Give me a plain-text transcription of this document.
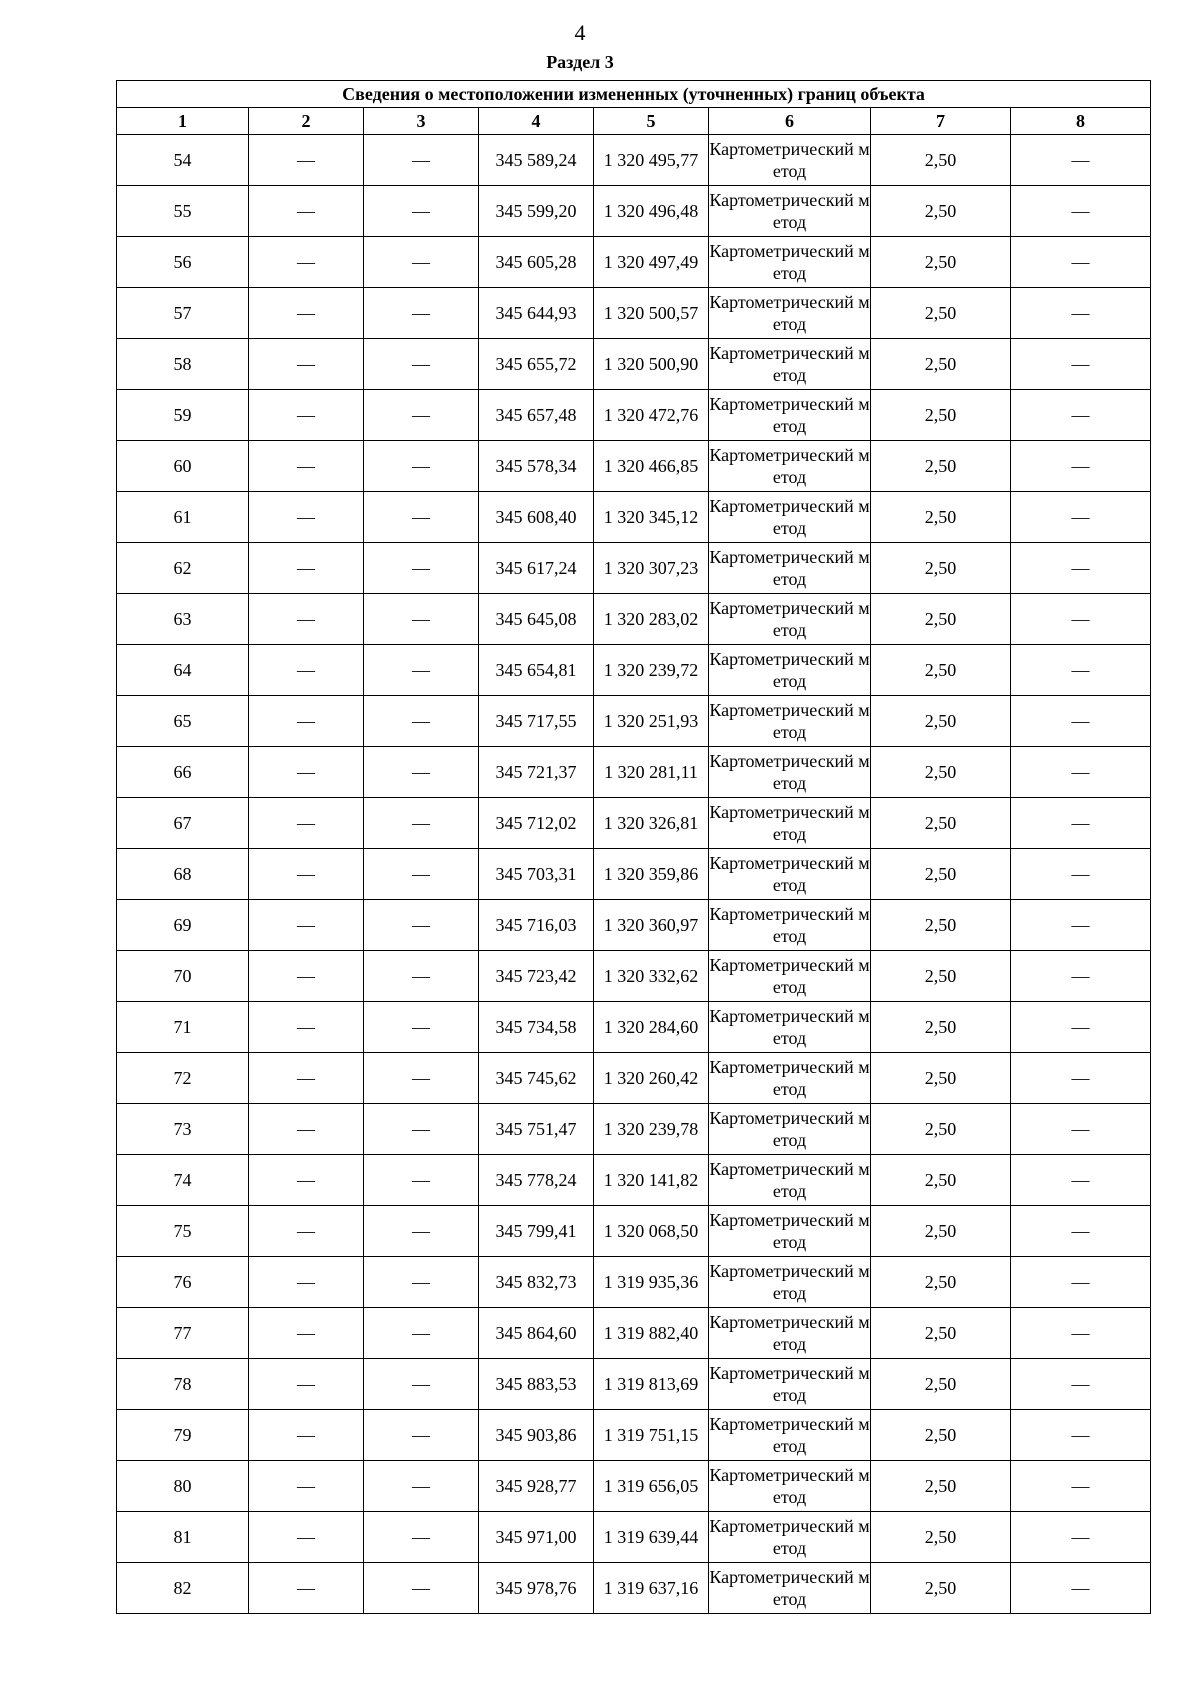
4
Раздел 3
Сведения о местоположении измененных (уточненных) границ объекта							
1	2	3	4	5	6	7	8
54	—	—	345 589,24	1 320 495,77	Картометрический метод	2,50	—
55	—	—	345 599,20	1 320 496,48	Картометрический метод	2,50	—
56	—	—	345 605,28	1 320 497,49	Картометрический метод	2,50	—
57	—	—	345 644,93	1 320 500,57	Картометрический метод	2,50	—
58	—	—	345 655,72	1 320 500,90	Картометрический метод	2,50	—
59	—	—	345 657,48	1 320 472,76	Картометрический метод	2,50	—
60	—	—	345 578,34	1 320 466,85	Картометрический метод	2,50	—
61	—	—	345 608,40	1 320 345,12	Картометрический метод	2,50	—
62	—	—	345 617,24	1 320 307,23	Картометрический метод	2,50	—
63	—	—	345 645,08	1 320 283,02	Картометрический метод	2,50	—
64	—	—	345 654,81	1 320 239,72	Картометрический метод	2,50	—
65	—	—	345 717,55	1 320 251,93	Картометрический метод	2,50	—
66	—	—	345 721,37	1 320 281,11	Картометрический метод	2,50	—
67	—	—	345 712,02	1 320 326,81	Картометрический метод	2,50	—
68	—	—	345 703,31	1 320 359,86	Картометрический метод	2,50	—
69	—	—	345 716,03	1 320 360,97	Картометрический метод	2,50	—
70	—	—	345 723,42	1 320 332,62	Картометрический метод	2,50	—
71	—	—	345 734,58	1 320 284,60	Картометрический метод	2,50	—
72	—	—	345 745,62	1 320 260,42	Картометрический метод	2,50	—
73	—	—	345 751,47	1 320 239,78	Картометрический метод	2,50	—
74	—	—	345 778,24	1 320 141,82	Картометрический метод	2,50	—
75	—	—	345 799,41	1 320 068,50	Картометрический метод	2,50	—
76	—	—	345 832,73	1 319 935,36	Картометрический метод	2,50	—
77	—	—	345 864,60	1 319 882,40	Картометрический метод	2,50	—
78	—	—	345 883,53	1 319 813,69	Картометрический метод	2,50	—
79	—	—	345 903,86	1 319 751,15	Картометрический метод	2,50	—
80	—	—	345 928,77	1 319 656,05	Картометрический метод	2,50	—
81	—	—	345 971,00	1 319 639,44	Картометрический метод	2,50	—
82	—	—	345 978,76	1 319 637,16	Картометрический метод	2,50	—
